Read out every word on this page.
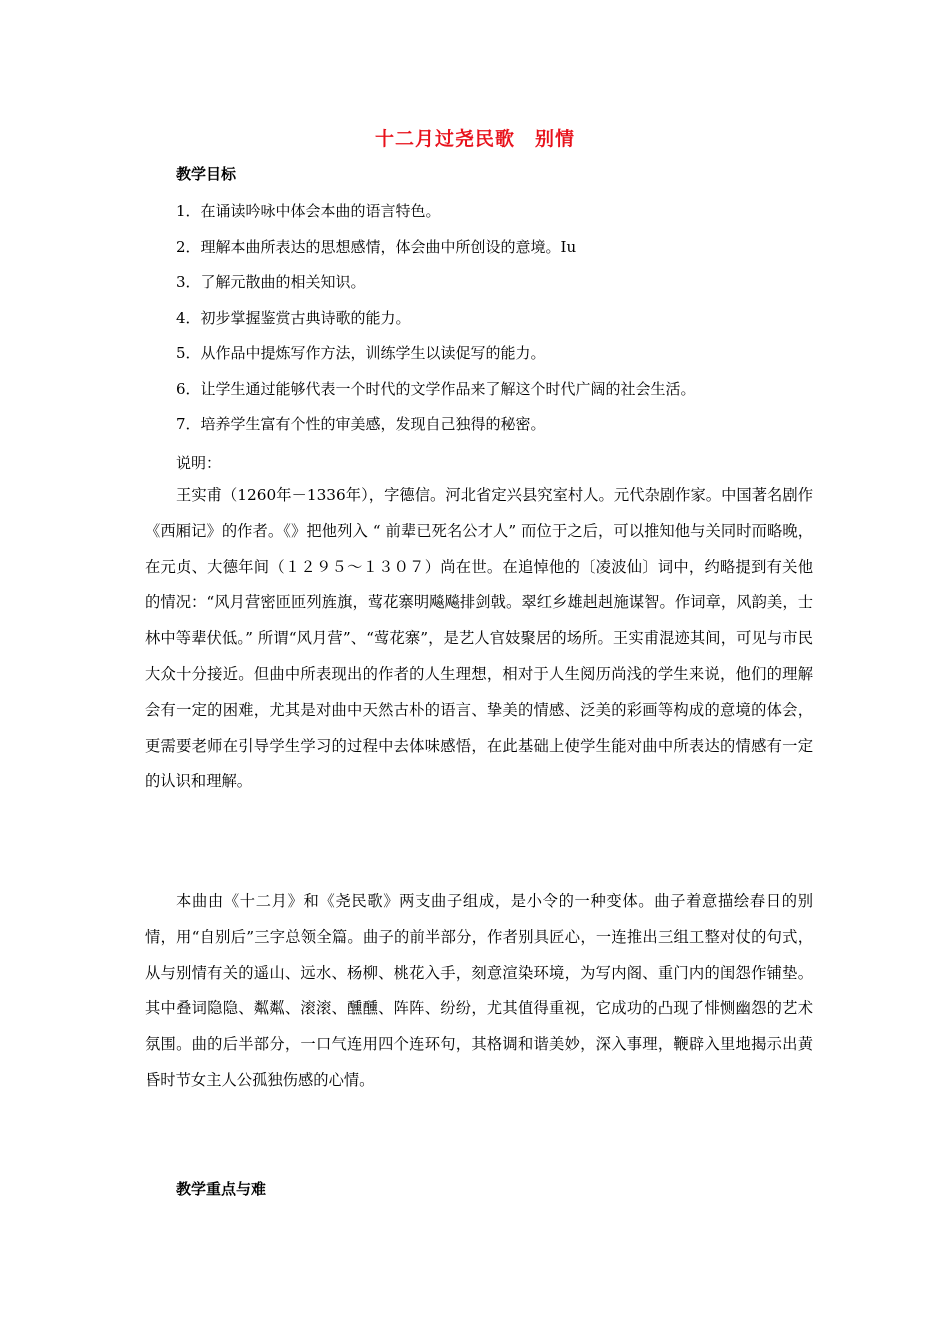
十二月过尧民歌　别情
教学目标
1．在诵读吟咏中体会本曲的语言特色。
2．理解本曲所表达的思想感情，体会曲中所创设的意境。Iu
3．了解元散曲的相关知识。
4．初步掌握鉴赏古典诗歌的能力。
5．从作品中提炼写作方法，训练学生以读促写的能力。
6．让学生通过能够代表一个时代的文学作品来了解这个时代广阔的社会生活。
7．培养学生富有个性的审美感，发现自己独得的秘密。
说明：

王实甫（1260年－1336年），字德信。河北省定兴县究室村人。元代杂剧作家。中国著名剧作《西厢记》的作者。《》把他列入 “ 前辈已死名公才人” 而位于之后，可以推知他与关同时而略晚，在元贞、大德年间（１２９５～１３０７）尚在世。在追悼他的〔凌波仙〕词中，约略提到有关他的情况：“风月营密匝匝列旌旗，莺花寨明飚飚排剑戟。翠红乡雄赳赳施谋智。作词章，风韵美，士林中等辈伏低。” 所谓“风月营”、“莺花寨”，是艺人官妓聚居的场所。王实甫混迹其间，可见与市民大众十分接近。但曲中所表现出的作者的人生理想，相对于人生阅历尚浅的学生来说，他们的理解会有一定的困难，尤其是对曲中天然古朴的语言、挚美的情感、泛美的彩画等构成的意境的体会，更需要老师在引导学生学习的过程中去体味感悟，在此基础上使学生能对曲中所表达的情感有一定的认识和理解。

本曲由《十二月》和《尧民歌》两支曲子组成，是小令的一种变体。曲子着意描绘春日的别情，用“自别后”三字总领全篇。曲子的前半部分，作者别具匠心，一连推出三组工整对仗的句式，从与别情有关的遥山、远水、杨柳、桃花入手，刻意渲染环境，为写内阁、重门内的闺怨作铺垫。其中叠词隐隐、粼粼、滚滚、醺醺、阵阵、纷纷，尤其值得重视，它成功的凸现了悱恻幽怨的艺术氛围。曲的后半部分，一口气连用四个连环句，其格调和谐美妙，深入事理，鞭辟入里地揭示出黄昏时节女主人公孤独伤感的心情。

教学重点与难
